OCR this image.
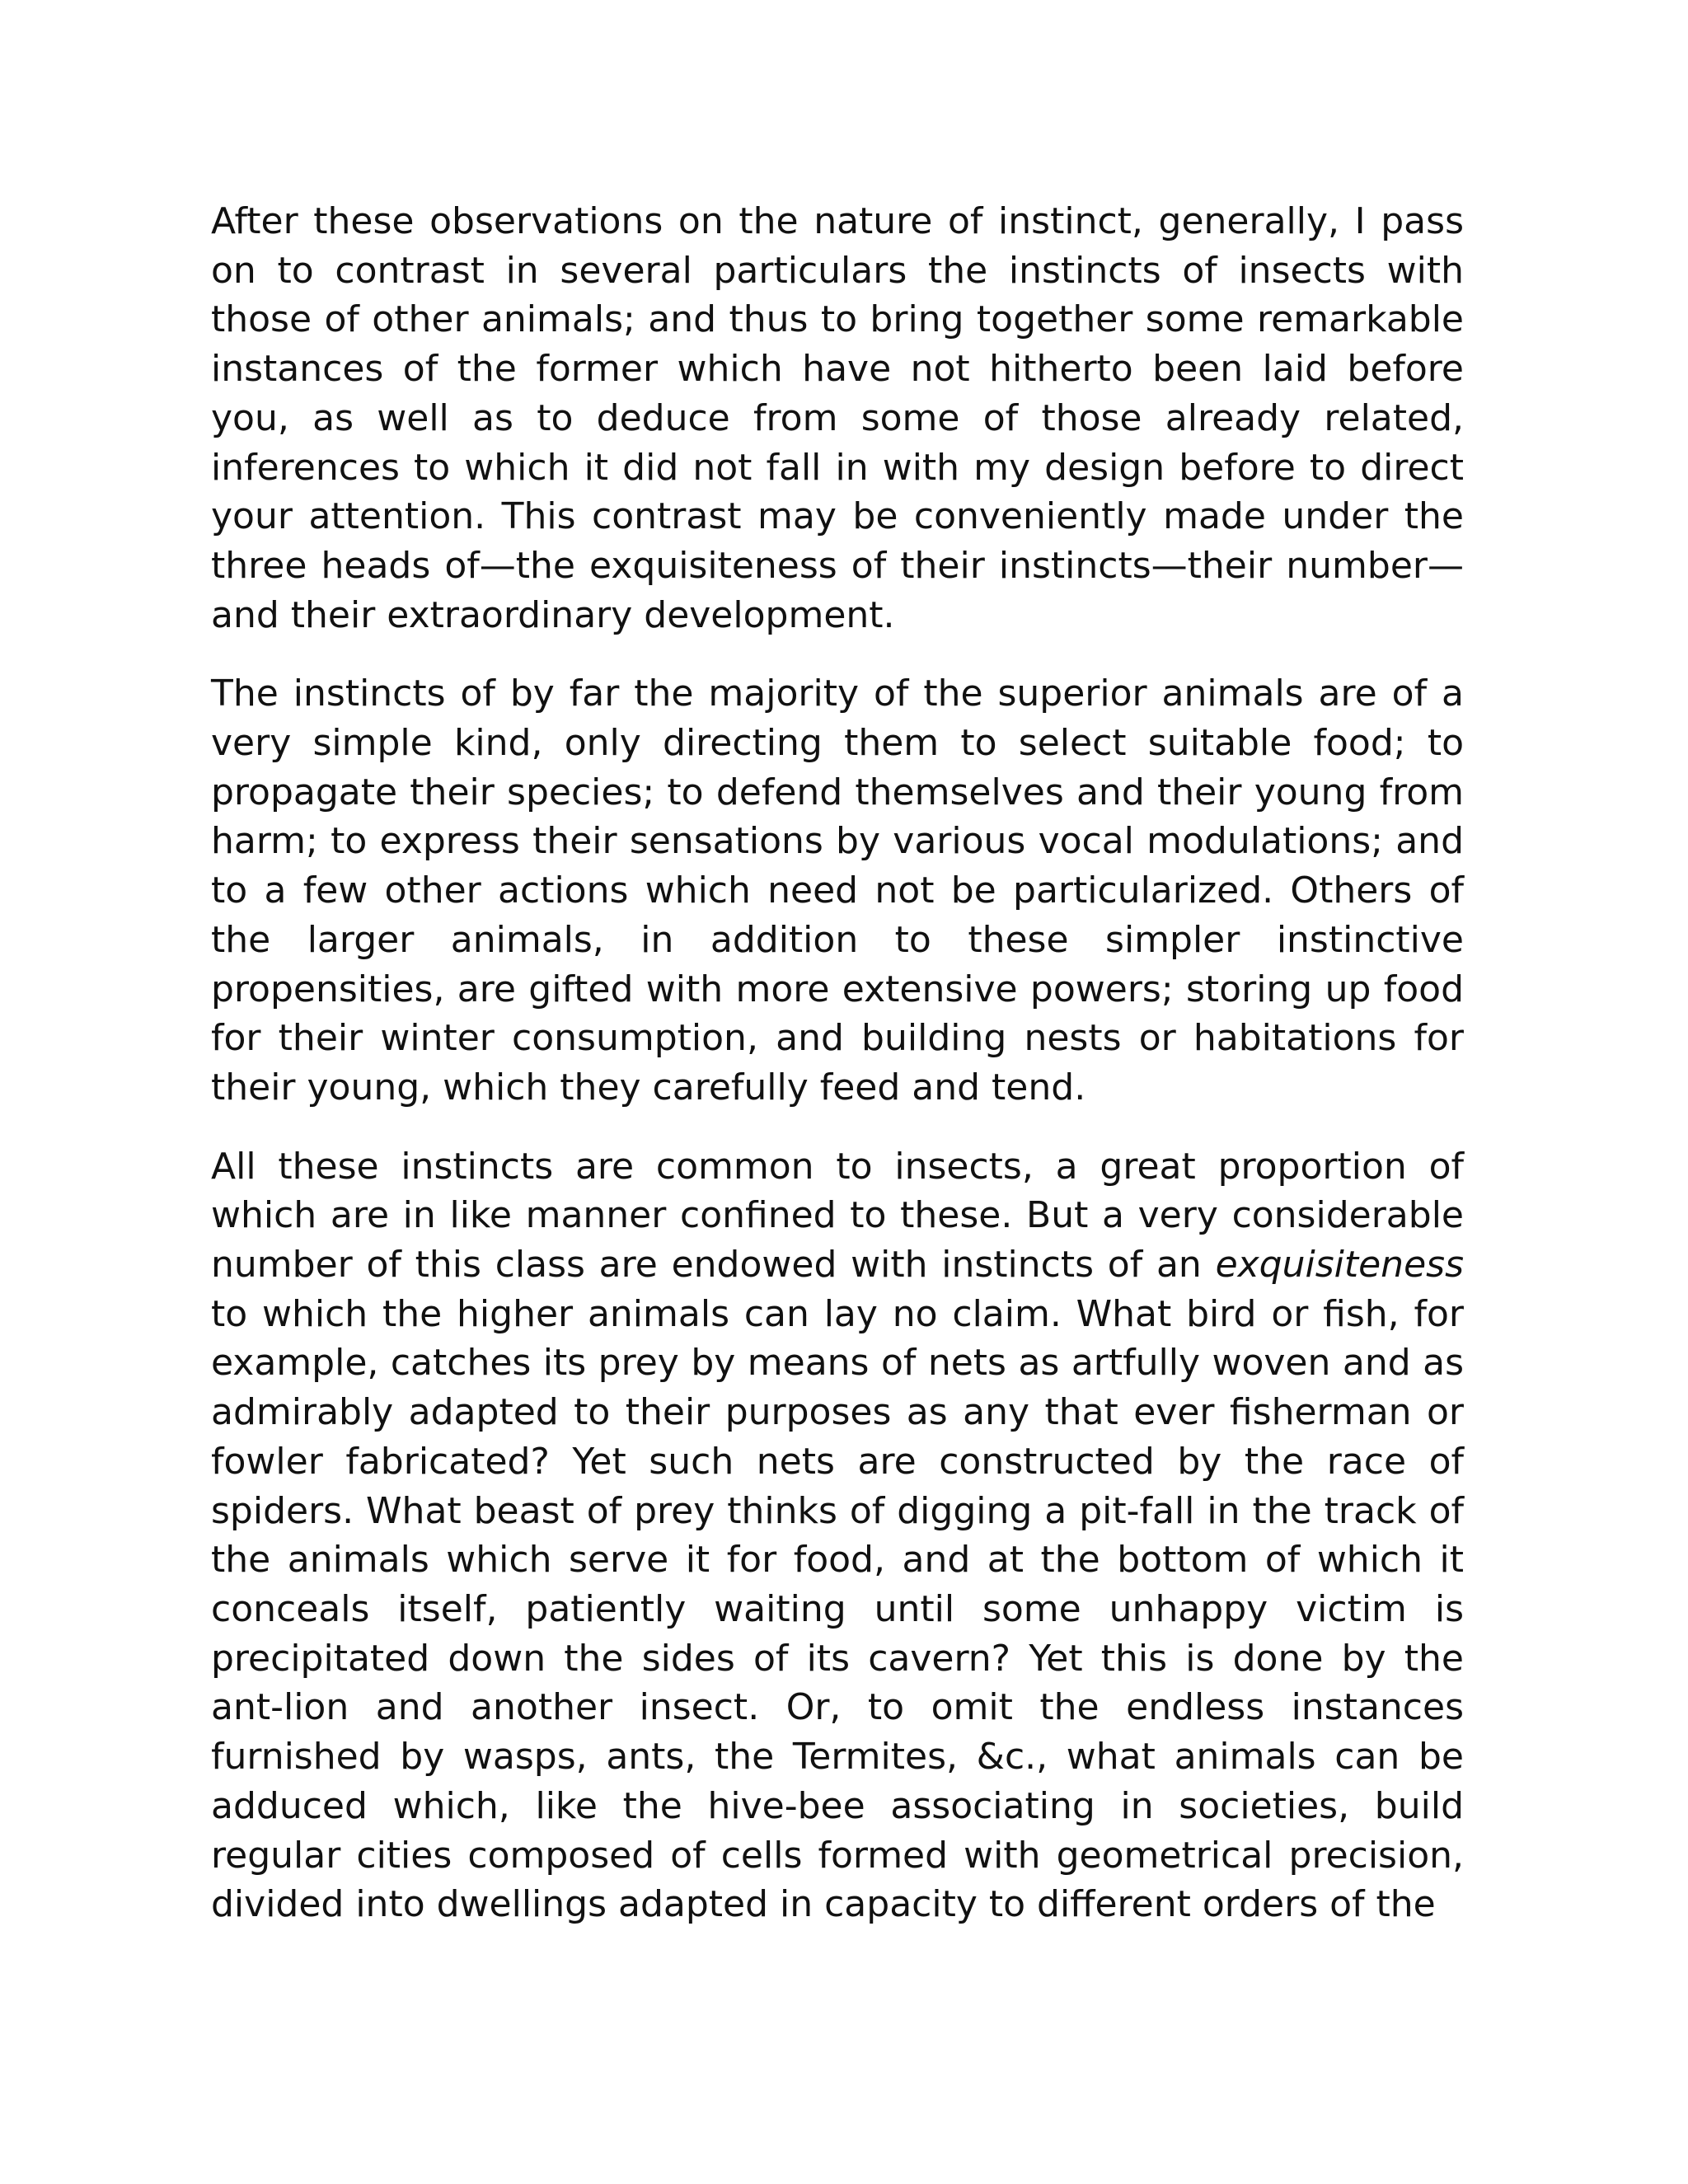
After these observations on the nature of instinct, generally, I pass on to contrast in several particulars the instincts of insects with those of other animals; and thus to bring together some remarkable instances of the former which have not hitherto been laid before you, as well as to deduce from some of those already related, inferences to which it did not fall in with my design before to direct your attention. This contrast may be conveniently made under the three heads of—the exquisiteness of their instincts—their number—and their extraordinary development.

The instincts of by far the majority of the superior animals are of a very simple kind, only directing them to select suitable food; to propagate their species; to defend themselves and their young from harm; to express their sensations by various vocal modulations; and to a few other actions which need not be particularized. Others of the larger animals, in addition to these simpler instinctive propensities, are gifted with more extensive powers; storing up food for their winter consumption, and building nests or habitations for their young, which they carefully feed and tend.

All these instincts are common to insects, a great proportion of which are in like manner confined to these. But a very considerable number of this class are endowed with instincts of an exquisiteness to which the higher animals can lay no claim. What bird or fish, for example, catches its prey by means of nets as artfully woven and as admirably adapted to their purposes as any that ever fisherman or fowler fabricated? Yet such nets are constructed by the race of spiders. What beast of prey thinks of digging a pit-fall in the track of the animals which serve it for food, and at the bottom of which it conceals itself, patiently waiting until some unhappy victim is precipitated down the sides of its cavern? Yet this is done by the ant-lion and another insect. Or, to omit the endless instances furnished by wasps, ants, the Termites, &c., what animals can be adduced which, like the hive-bee associating in societies, build regular cities composed of cells formed with geometrical precision, divided into dwellings adapted in capacity to different orders of the
